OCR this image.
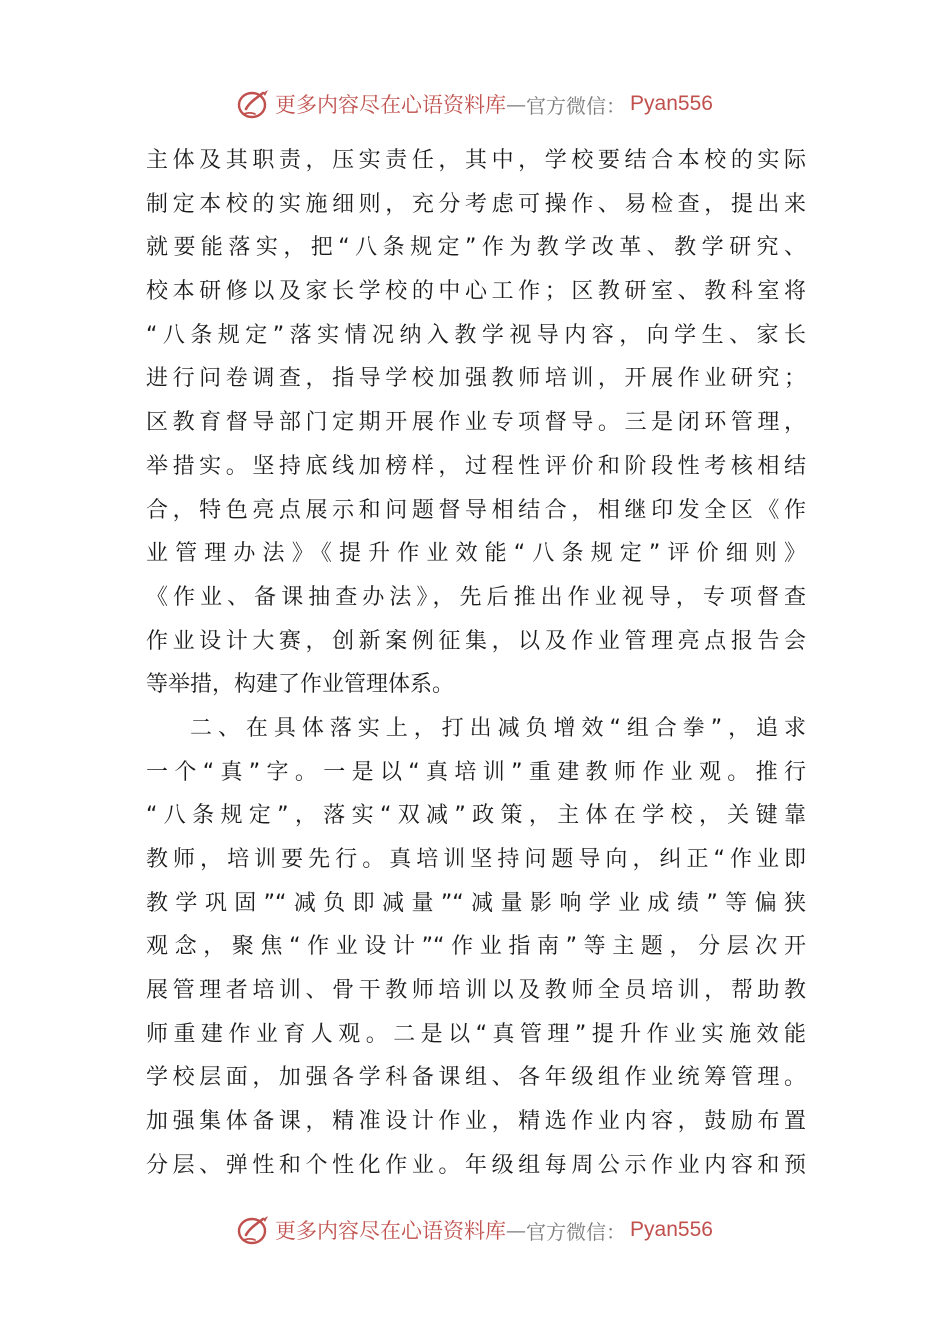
更多内容尽在心语资料库 — 官方微信： Pyan556
主体及其职责，压实责任，其中，学校要结合本校的实际
制定本校的实施细则，充分考虑可操作、易检查，提出来
就要能落实，把“八条规定”作为教学改革、教学研究、
校本研修以及家长学校的中心工作；区教研室、教科室将
“八条规定”落实情况纳入教学视导内容，向学生、家长
进行问卷调查，指导学校加强教师培训，开展作业研究；
区教育督导部门定期开展作业专项督导。三是闭环管理，
举措实。坚持底线加榜样，过程性评价和阶段性考核相结
合，特色亮点展示和问题督导相结合，相继印发全区《作
业管理办法》《提升作业效能“八条规定”评价细则》
《作业、备课抽查办法》，先后推出作业视导，专项督查
作业设计大赛，创新案例征集，以及作业管理亮点报告会
等举措，构建了作业管理体系。
二、在具体落实上，打出减负增效“组合拳”，追求
一个“真”字。一是以“真培训”重建教师作业观。推行
“八条规定”，落实“双减”政策，主体在学校，关键靠
教师，培训要先行。真培训坚持问题导向，纠正“作业即
教学巩固”“减负即减量”“减量影响学业成绩”等偏狭
观念，聚焦“作业设计”“作业指南”等主题，分层次开
展管理者培训、骨干教师培训以及教师全员培训，帮助教
师重建作业育人观。二是以“真管理”提升作业实施效能
学校层面，加强各学科备课组、各年级组作业统筹管理。
加强集体备课，精准设计作业，精选作业内容，鼓励布置
分层、弹性和个性化作业。年级组每周公示作业内容和预
更多内容尽在心语资料库 — 官方微信： Pyan556
